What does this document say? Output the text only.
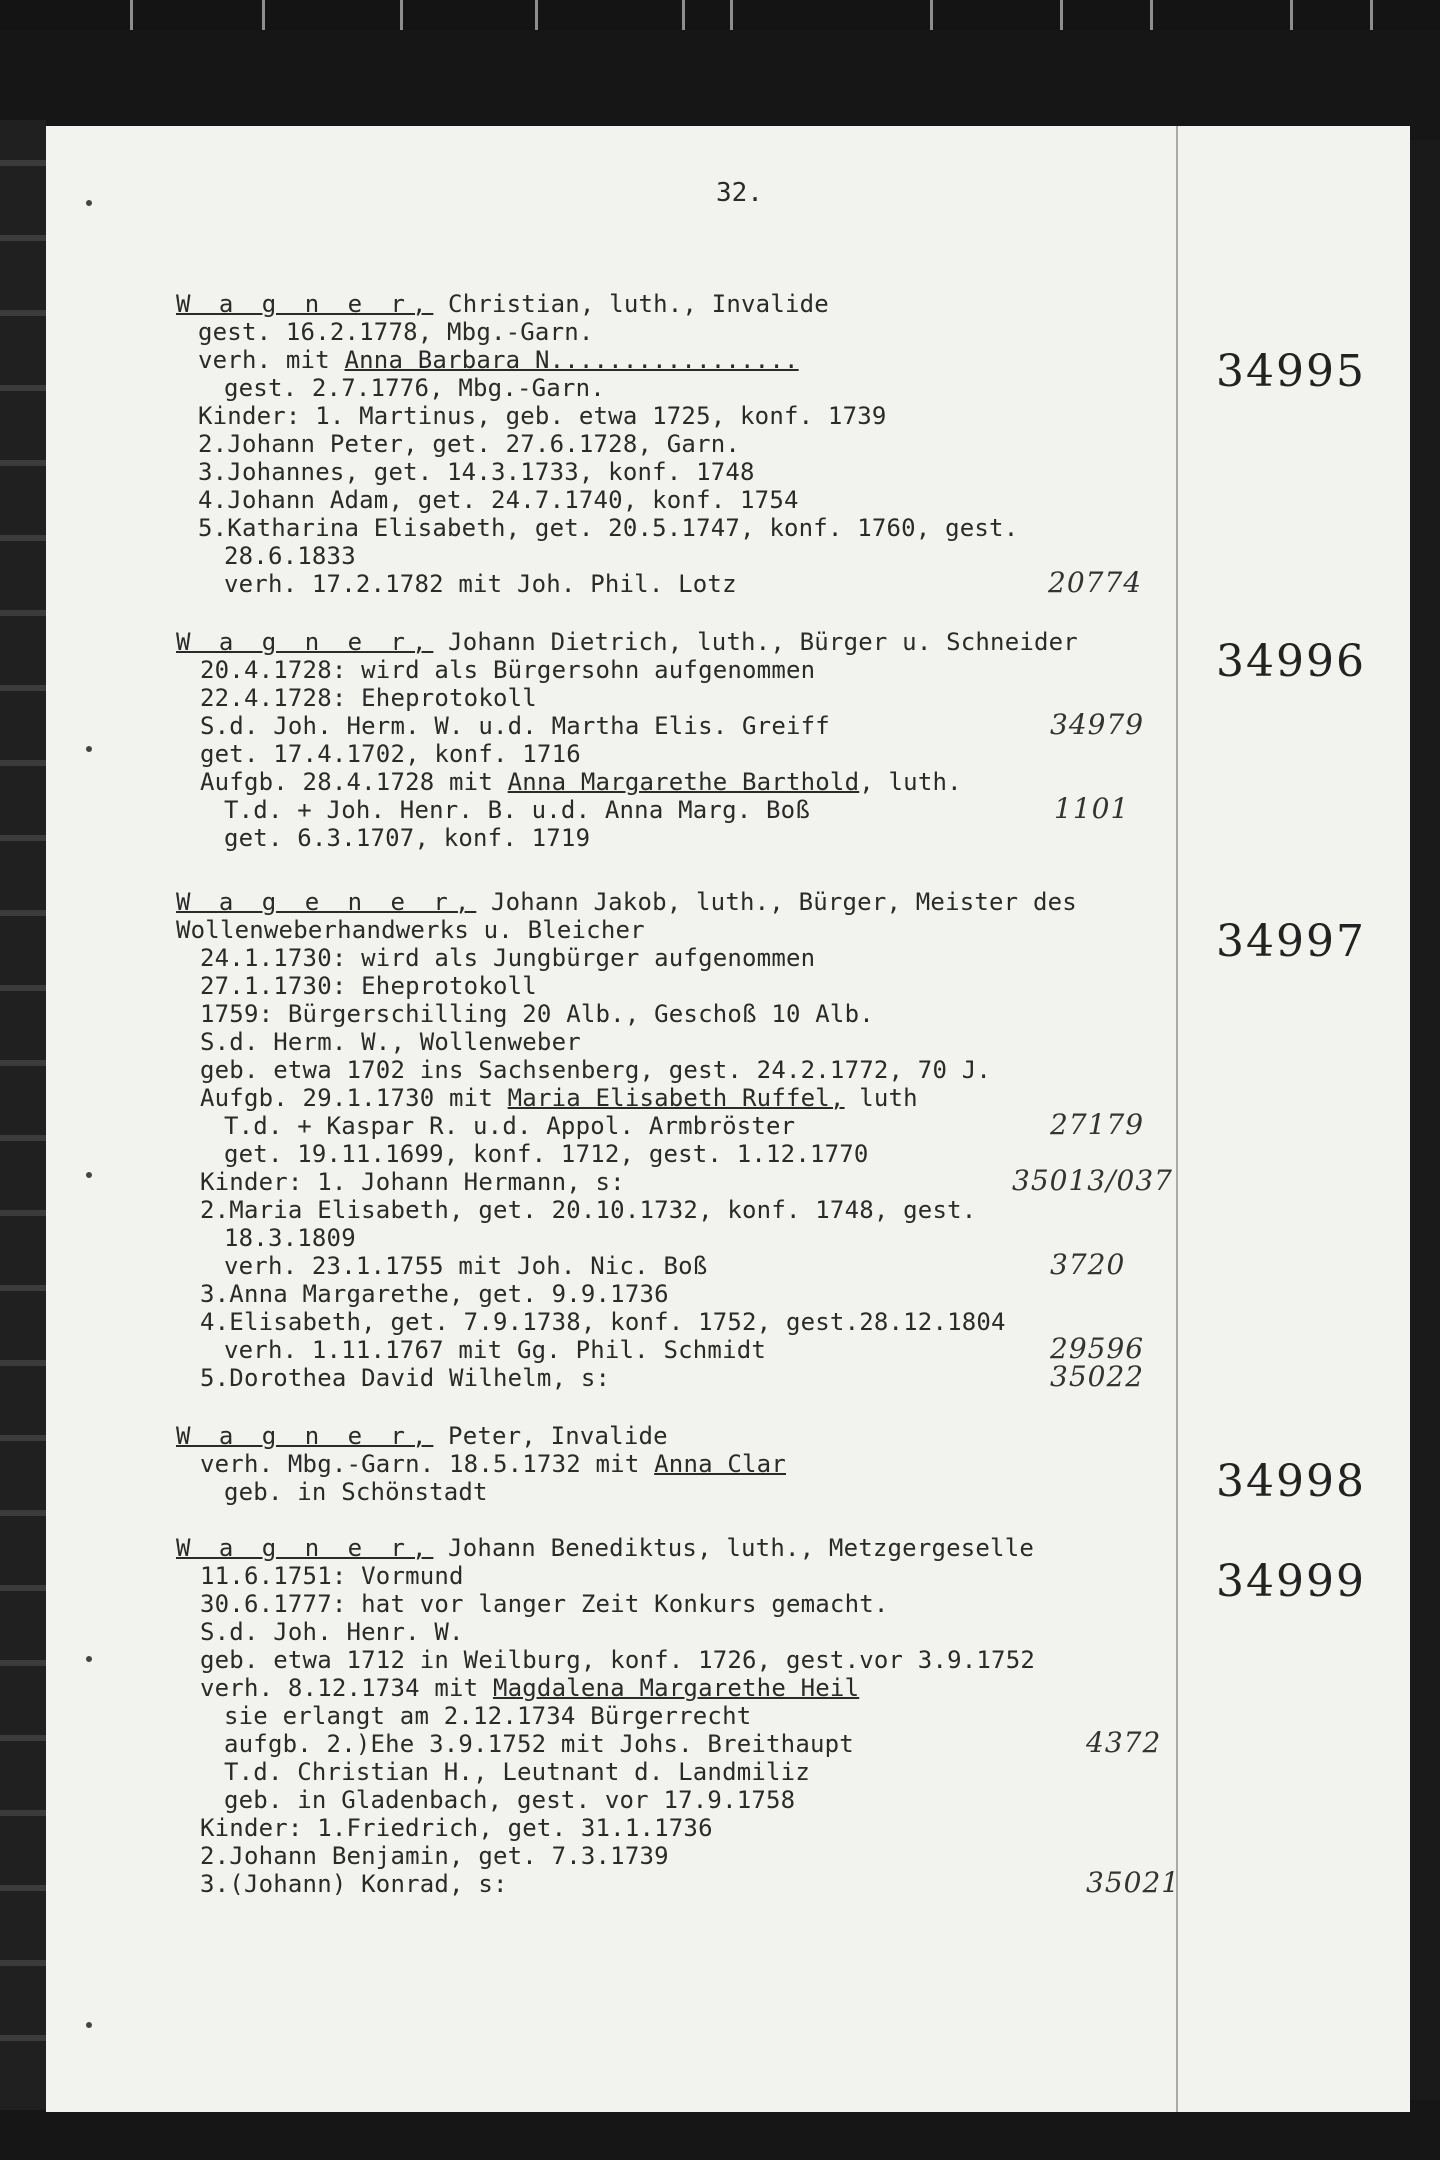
32.
34995
W a g n e r, Christian, luth., Invalide
gest. 16.2.1778, Mbg.-Garn.
verh. mit Anna Barbara N.................
gest. 2.7.1776, Mbg.-Garn.
Kinder: 1. Martinus, geb. etwa 1725, konf. 1739
2.Johann Peter, get. 27.6.1728, Garn.
3.Johannes, get. 14.3.1733, konf. 1748
4.Johann Adam, get. 24.7.1740, konf. 1754
5.Katharina Elisabeth, get. 20.5.1747, konf. 1760, gest.
28.6.1833
verh. 17.2.1782 mit Joh. Phil. Lotz	20774
34996
W a g n e r, Johann Dietrich, luth., Bürger u. Schneider
20.4.1728: wird als Bürgersohn aufgenommen
22.4.1728: Eheprotokoll
S.d. Joh. Herm. W. u.d. Martha Elis. Greiff	34979
get. 17.4.1702, konf. 1716
Aufgb. 28.4.1728 mit Anna Margarethe Barthold, luth.
T.d. + Joh. Henr. B. u.d. Anna Marg. Boß	1101
get. 6.3.1707, konf. 1719
34997
W a g e n e r, Johann Jakob, luth., Bürger, Meister des
Wollenweberhandwerks u. Bleicher
24.1.1730: wird als Jungbürger aufgenommen
27.1.1730: Eheprotokoll
1759: Bürgerschilling 20 Alb., Geschoß 10 Alb.
S.d. Herm. W., Wollenweber
geb. etwa 1702 ins Sachsenberg, gest. 24.2.1772, 70 J.
Aufgb. 29.1.1730 mit Maria Elisabeth Ruffel, luth
T.d. + Kaspar R. u.d. Appol. Armbröster	27179
get. 19.11.1699, konf. 1712, gest. 1.12.1770
Kinder: 1. Johann Hermann, s:	35013/037
2.Maria Elisabeth, get. 20.10.1732, konf. 1748, gest.
18.3.1809
verh. 23.1.1755 mit Joh. Nic. Boß	3720
3.Anna Margarethe, get. 9.9.1736
4.Elisabeth, get. 7.9.1738, konf. 1752, gest.28.12.1804
verh. 1.11.1767 mit Gg. Phil. Schmidt	29596
5.Dorothea David Wilhelm, s:	35022
34998
W a g n e r, Peter, Invalide
verh. Mbg.-Garn. 18.5.1732 mit Anna Clar
geb. in Schönstadt
34999
W a g n e r, Johann Benediktus, luth., Metzgergeselle
11.6.1751: Vormund
30.6.1777: hat vor langer Zeit Konkurs gemacht.
S.d. Joh. Henr. W.
geb. etwa 1712 in Weilburg, konf. 1726, gest.vor 3.9.1752
verh. 8.12.1734 mit Magdalena Margarethe Heil
sie erlangt am 2.12.1734 Bürgerrecht
aufgb. 2.)Ehe 3.9.1752 mit Johs. Breithaupt	4372
T.d. Christian H., Leutnant d. Landmiliz
geb. in Gladenbach, gest. vor 17.9.1758
Kinder: 1.Friedrich, get. 31.1.1736
2.Johann Benjamin, get. 7.3.1739
3.(Johann) Konrad, s:	35021
